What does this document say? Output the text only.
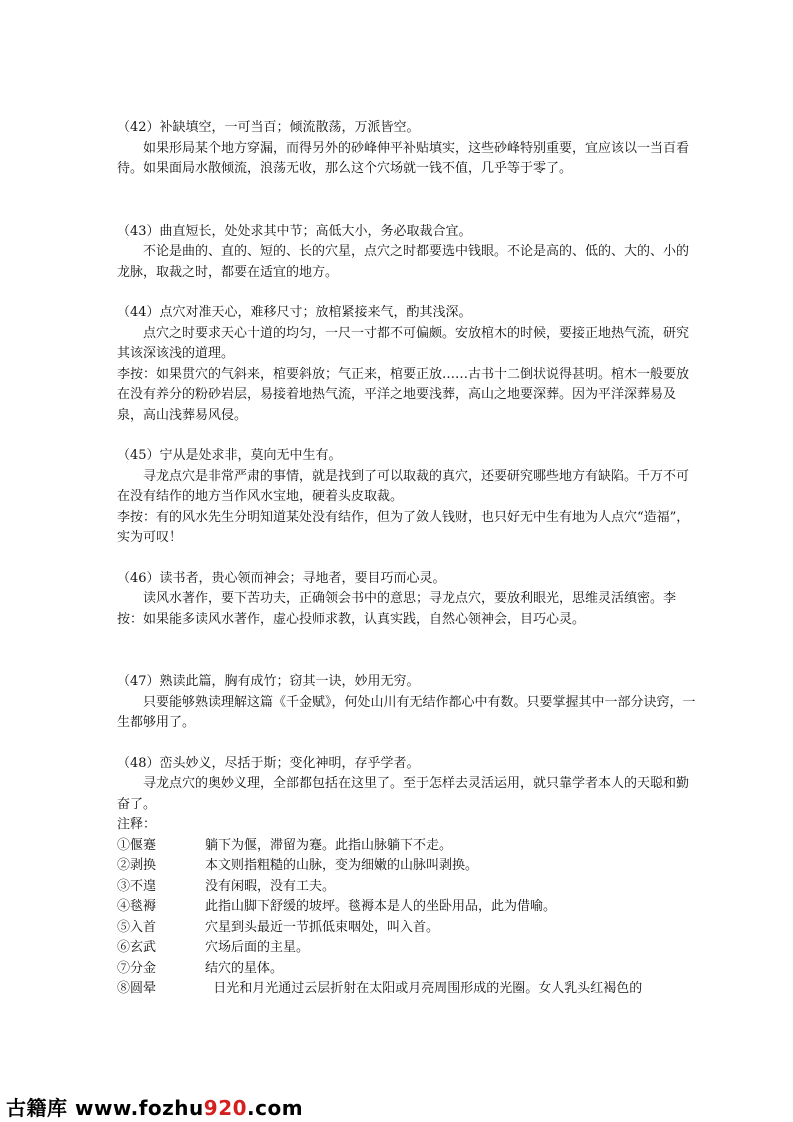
（42）补缺填空，一可当百；倾流散荡，万派皆空。

如果形局某个地方穿漏，而得另外的砂峰伸平补贴填实，这些砂峰特别重要，宜应该以一当百看待。如果面局水散倾流，浪荡无收，那么这个穴场就一钱不值，几乎等于零了。

（43）曲直短长，处处求其中节；高低大小，务必取裁合宜。

不论是曲的、直的、短的、长的穴星，点穴之时都要选中钱眼。不论是高的、低的、大的、小的龙脉，取裁之时，都要在适宜的地方。

（44）点穴对准天心，难移尺寸；放棺紧接来气，酌其浅深。

点穴之时要求天心十道的均匀，一尺一寸都不可偏颇。安放棺木的时候，要接正地热气流，研究其该深该浅的道理。

李按：如果贯穴的气斜来，棺要斜放；气正来，棺要正放……古书十二倒状说得甚明。棺木一般要放在没有养分的粉砂岩层，易接着地热气流，平洋之地要浅葬，高山之地要深葬。因为平洋深葬易及泉，高山浅葬易风侵。

（45）宁从是处求非，莫向无中生有。

寻龙点穴是非常严肃的事情，就是找到了可以取裁的真穴，还要研究哪些地方有缺陷。千万不可在没有结作的地方当作风水宝地，硬着头皮取裁。

李按：有的风水先生分明知道某处没有结作，但为了敛人钱财，也只好无中生有地为人点穴“造福”，实为可叹！

（46）读书者，贵心领而神会；寻地者，要目巧而心灵。

读风水著作，要下苦功夫，正确领会书中的意思；寻龙点穴，要放利眼光，思维灵活缜密。李按：如果能多读风水著作，虚心投师求教，认真实践，自然心领神会，目巧心灵。

（47）熟读此篇，胸有成竹；窃其一诀，妙用无穷。

只要能够熟读理解这篇《千金赋》，何处山川有无结作都心中有数。只要掌握其中一部分诀窍，一生都够用了。

（48）峦头妙义，尽括于斯；变化神明，存乎学者。

寻龙点穴的奥妙义理，全部都包括在这里了。至于怎样去灵活运用，就只靠学者本人的天聪和勤奋了。

注释：

①偃蹇	躺下为偃，滞留为蹇。此指山脉躺下不走。
②剥换	本文则指粗糙的山脉，变为细嫩的山脉叫剥换。
③不遑	没有闲暇，没有工夫。
④毯褥	此指山脚下舒缓的坡坪。毯褥本是人的坐卧用品，此为借喻。
⑤入首	穴星到头最近一节抓低束咽处，叫入首。
⑥玄武	穴场后面的主星。
⑦分金	结穴的星体。
⑧圆晕	日光和月光通过云层折射在太阳或月亮周围形成的光圈。女人乳头红褐色的
古籍库 www.fozhu920.com
